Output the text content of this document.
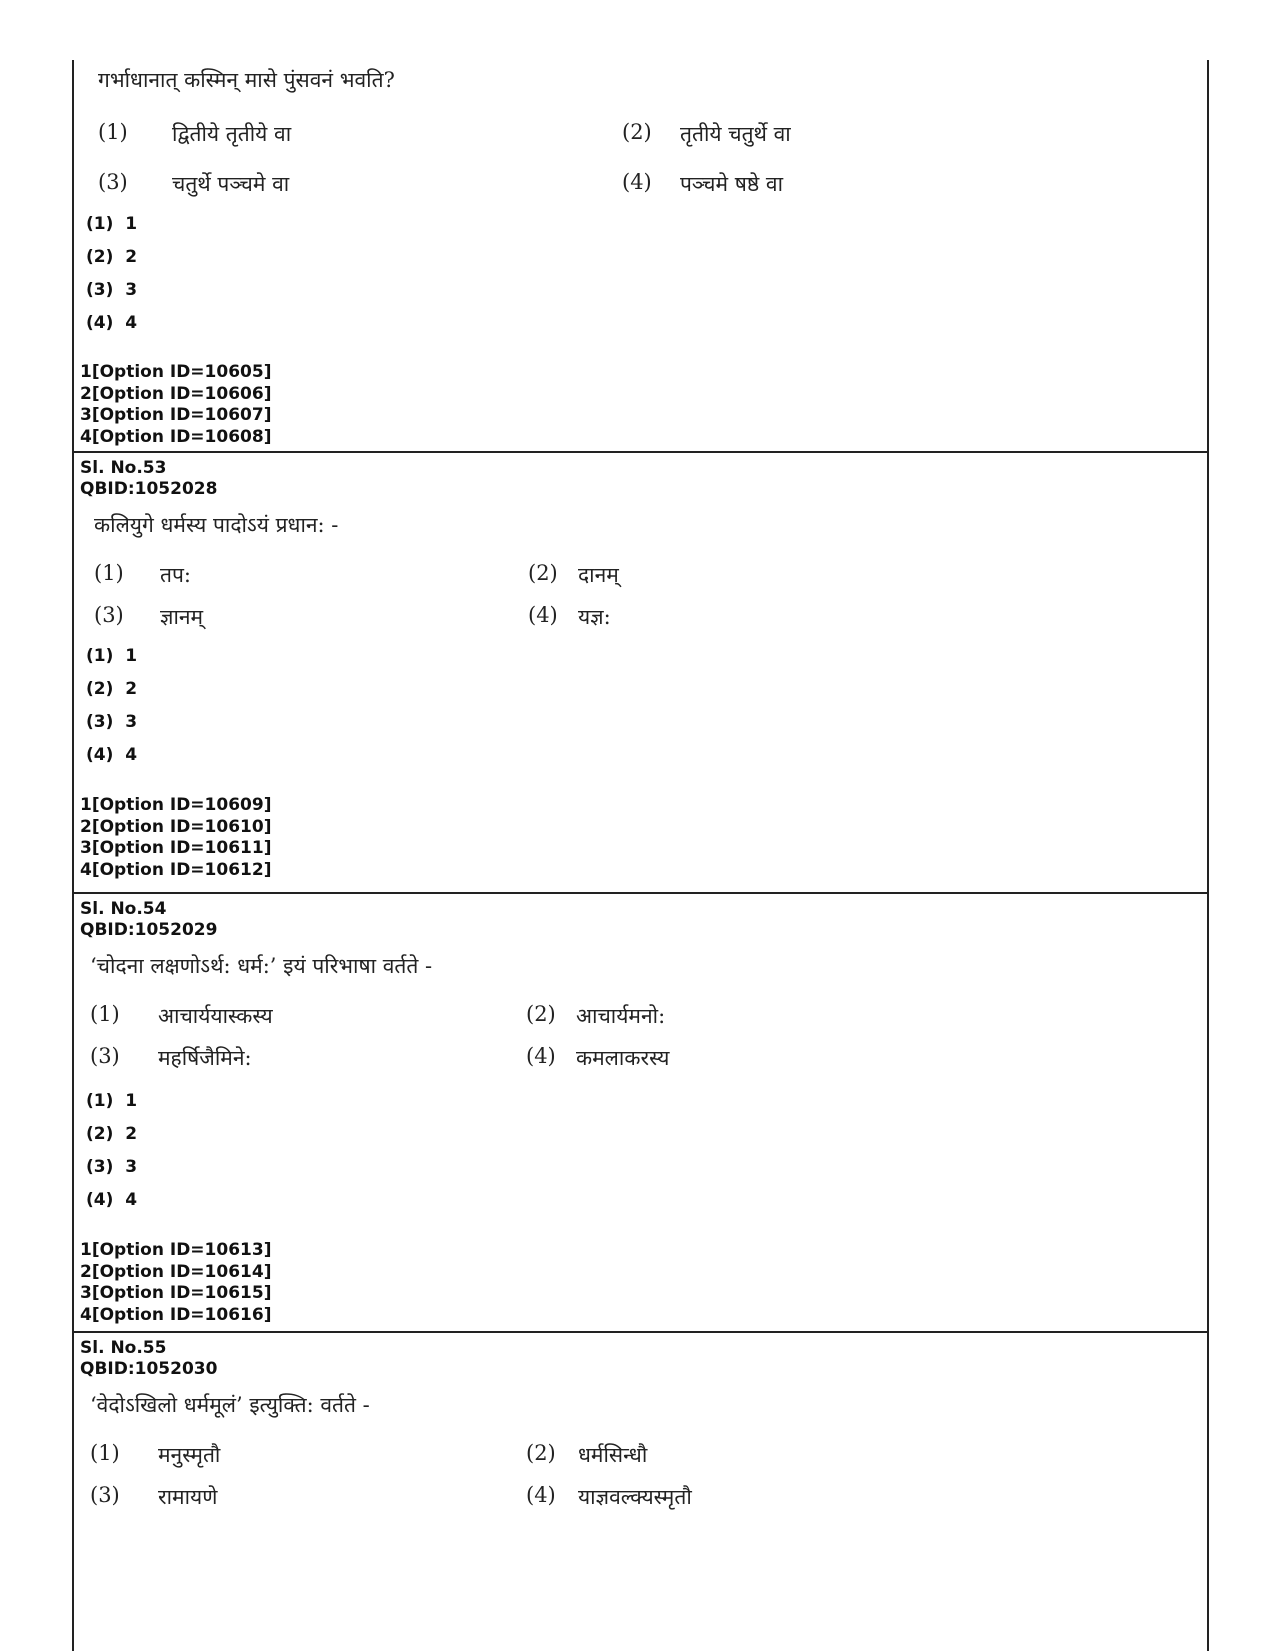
गर्भाधानात् कस्मिन् मासे पुंसवनं भवति?
(1) द्वितीये तृतीये वा	(2) तृतीये चतुर्थे वा
(3) चतुर्थे पञ्चमे वा	(4) पञ्चमे षष्ठे वा
(1)  1
(2)  2
(3)  3
(4)  4
1[Option ID=10605]
2[Option ID=10606]
3[Option ID=10607]
4[Option ID=10608]
Sl. No.53
QBID:1052028
कलियुगे धर्मस्य पादोऽयं प्रधान: -
(1) तप:	(2) दानम्
(3) ज्ञानम्	(4) यज्ञ:
(1)  1
(2)  2
(3)  3
(4)  4
1[Option ID=10609]
2[Option ID=10610]
3[Option ID=10611]
4[Option ID=10612]
Sl. No.54
QBID:1052029
‘चोदना लक्षणोऽर्थ: धर्म:’ इयं परिभाषा वर्तते -
(1) आचार्ययास्कस्य	(2) आचार्यमनो:
(3) महर्षिजैमिने:	(4) कमलाकरस्य
(1)  1
(2)  2
(3)  3
(4)  4
1[Option ID=10613]
2[Option ID=10614]
3[Option ID=10615]
4[Option ID=10616]
Sl. No.55
QBID:1052030
‘वेदोऽखिलो धर्ममूलं’ इत्युक्ति: वर्तते -
(1) मनुस्मृतौ	(2) धर्मसिन्धौ
(3) रामायणे	(4) याज्ञवल्क्यस्मृतौ
